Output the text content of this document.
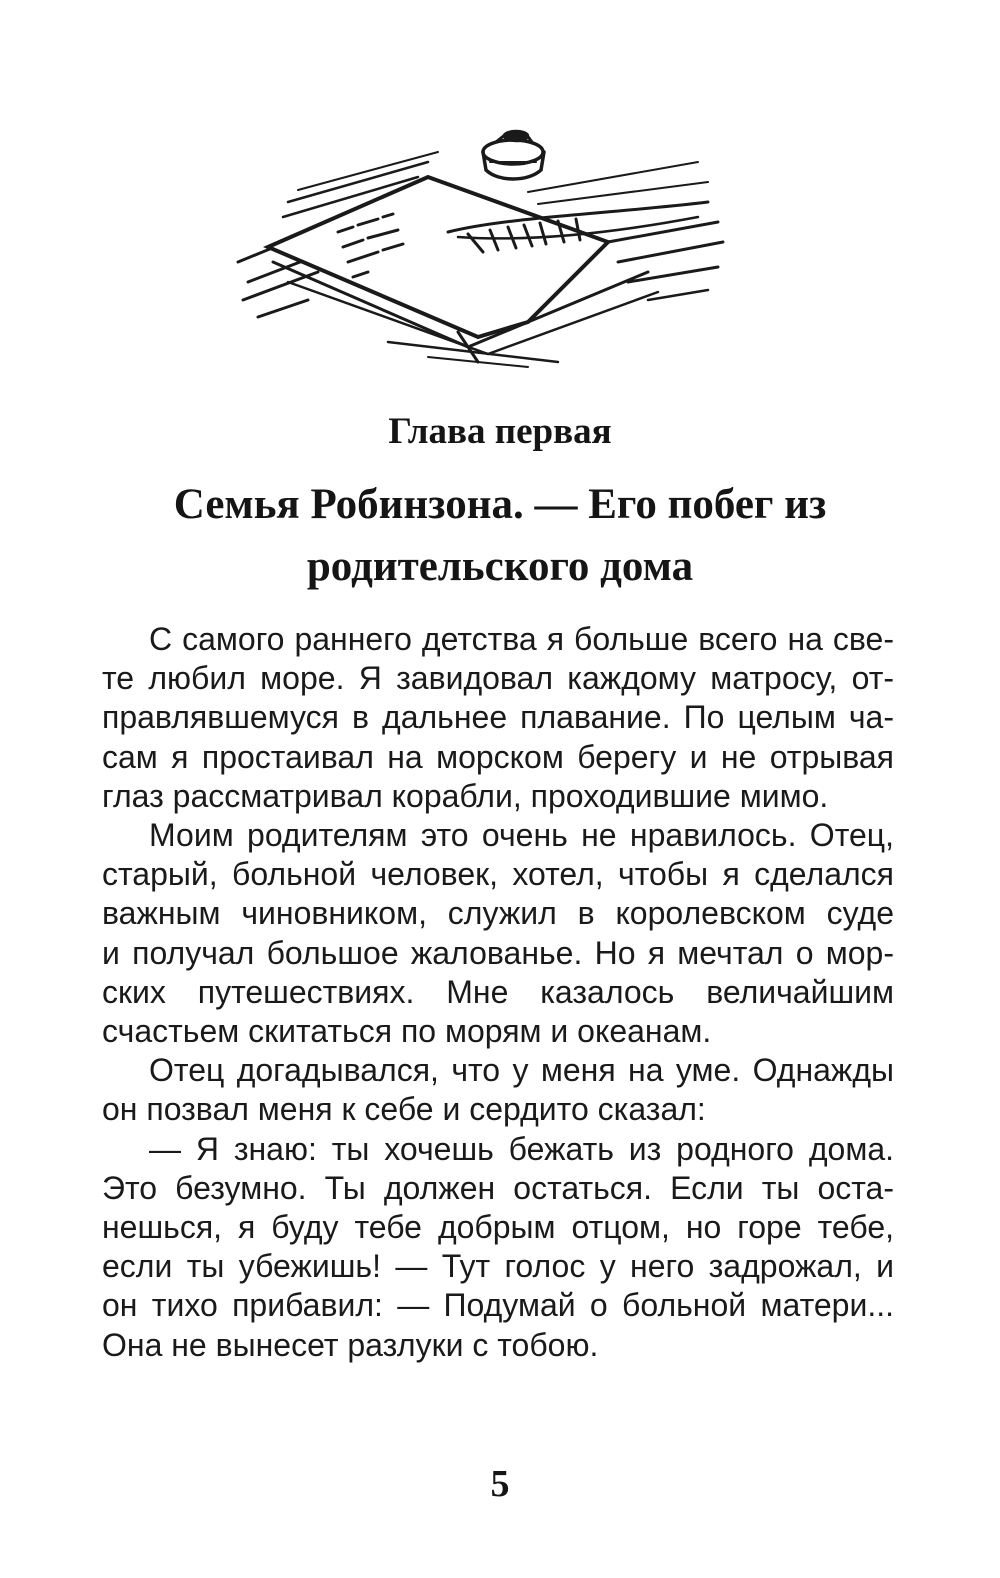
Глава первая
Семья Робинзона. — Его побег из родительского дома
С самого раннего детства я больше всего на све-
те любил море. Я завидовал каждому матросу, от-
правлявшемуся в дальнее плавание. По целым ча-
сам я простаивал на морском берегу и не отрывая
глаз рассматривал корабли, проходившие мимо.
Моим родителям это очень не нравилось. Отец,
старый, больной человек, хотел, чтобы я сделался
важным чиновником, служил в королевском суде
и получал большое жалованье. Но я мечтал о мор-
ских путешествиях. Мне казалось величайшим
счастьем скитаться по морям и океанам.
Отец догадывался, что у меня на уме. Однажды
он позвал меня к себе и сердито сказал:
— Я знаю: ты хочешь бежать из родного дома.
Это безумно. Ты должен остаться. Если ты оста-
нешься, я буду тебе добрым отцом, но горе тебе,
если ты убежишь! — Тут голос у него задрожал, и
он тихо прибавил: — Подумай о больной матери...
Она не вынесет разлуки с тобою.
5
